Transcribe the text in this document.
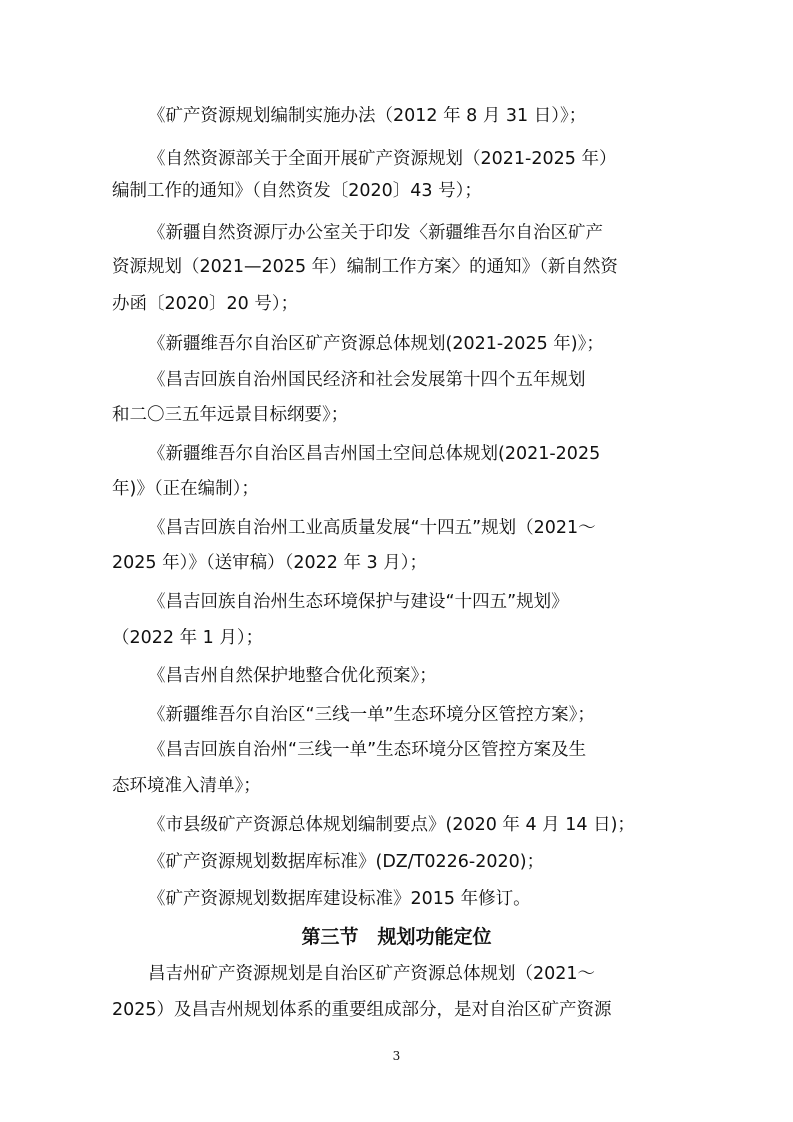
《矿产资源规划编制实施办法（2012 年 8 月 31 日）》；
《自然资源部关于全面开展矿产资源规划（2021-2025 年）
编制工作的通知》（自然资发〔2020〕43 号）；
《新疆自然资源厅办公室关于印发〈新疆维吾尔自治区矿产
资源规划（2021—2025 年）编制工作方案〉的通知》（新自然资
办函〔2020〕20 号）；
《新疆维吾尔自治区矿产资源总体规划(2021-2025 年)》；
《昌吉回族自治州国民经济和社会发展第十四个五年规划
和二〇三五年远景目标纲要》；
《新疆维吾尔自治区昌吉州国土空间总体规划(2021-2025
年)》（正在编制）；
《昌吉回族自治州工业高质量发展“十四五”规划（2021～
2025 年）》（送审稿）（2022 年 3 月）；
《昌吉回族自治州生态环境保护与建设“十四五”规划》
（2022 年 1 月）；
《昌吉州自然保护地整合优化预案》；
《新疆维吾尔自治区“三线一单”生态环境分区管控方案》；
《昌吉回族自治州“三线一单”生态环境分区管控方案及生
态环境准入清单》；
《市县级矿产资源总体规划编制要点》(2020 年 4 月 14 日)；
《矿产资源规划数据库标准》(DZ/T0226-2020)；
《矿产资源规划数据库建设标准》2015 年修订。
第三节　规划功能定位
昌吉州矿产资源规划是自治区矿产资源总体规划（2021～
2025）及昌吉州规划体系的重要组成部分，是对自治区矿产资源
3
